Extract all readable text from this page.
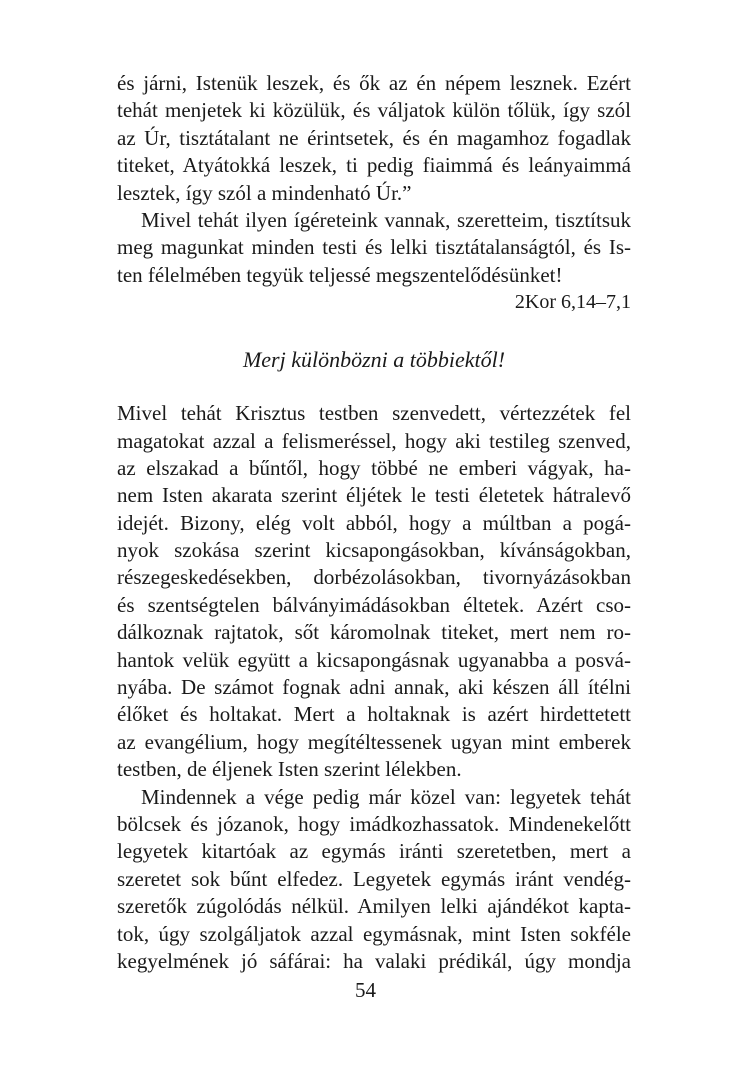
és járni, Istenük leszek, és ők az én népem lesznek. Ezért
tehát menjetek ki közülük, és váljatok külön tőlük, így szól
az Úr, tisztátalant ne érintsetek, és én magamhoz fogadlak
titeket, Atyátokká leszek, ti pedig fiaimmá és leányaimmá
lesztek, így szól a mindenható Úr.”
Mivel tehát ilyen ígéreteink vannak, szeretteim, tisztítsuk
meg magunkat minden testi és lelki tisztátalanságtól, és Is-
ten félelmében tegyük teljessé megszentelődésünket!
2Kor 6,14–7,1
Merj különbözni a többiektől!
Mivel tehát Krisztus testben szenvedett, vértezzétek fel
magatokat azzal a felismeréssel, hogy aki testileg szenved,
az elszakad a bűntől, hogy többé ne emberi vágyak, ha-
nem Isten akarata szerint éljétek le testi életetek hátralevő
idejét. Bizony, elég volt abból, hogy a múltban a pogá-
nyok szokása szerint kicsapongásokban, kívánságokban,
részegeskedésekben, dorbézolásokban, tivornyázásokban
és szentségtelen bálványimádásokban éltetek. Azért cso-
dálkoznak rajtatok, sőt káromolnak titeket, mert nem ro-
hantok velük együtt a kicsapongásnak ugyanabba a posvá-
nyába. De számot fognak adni annak, aki készen áll ítélni
élőket és holtakat. Mert a holtaknak is azért hirdettetett
az evangélium, hogy megítéltessenek ugyan mint emberek
testben, de éljenek Isten szerint lélekben.
Mindennek a vége pedig már közel van: legyetek tehát
bölcsek és józanok, hogy imádkozhassatok. Mindenekelőtt
legyetek kitartóak az egymás iránti szeretetben, mert a
szeretet sok bűnt elfedez. Legyetek egymás iránt vendég-
szeretők zúgolódás nélkül. Amilyen lelki ajándékot kapta-
tok, úgy szolgáljatok azzal egymásnak, mint Isten sokféle
kegyelmének jó sáfárai: ha valaki prédikál, úgy mondja
54
